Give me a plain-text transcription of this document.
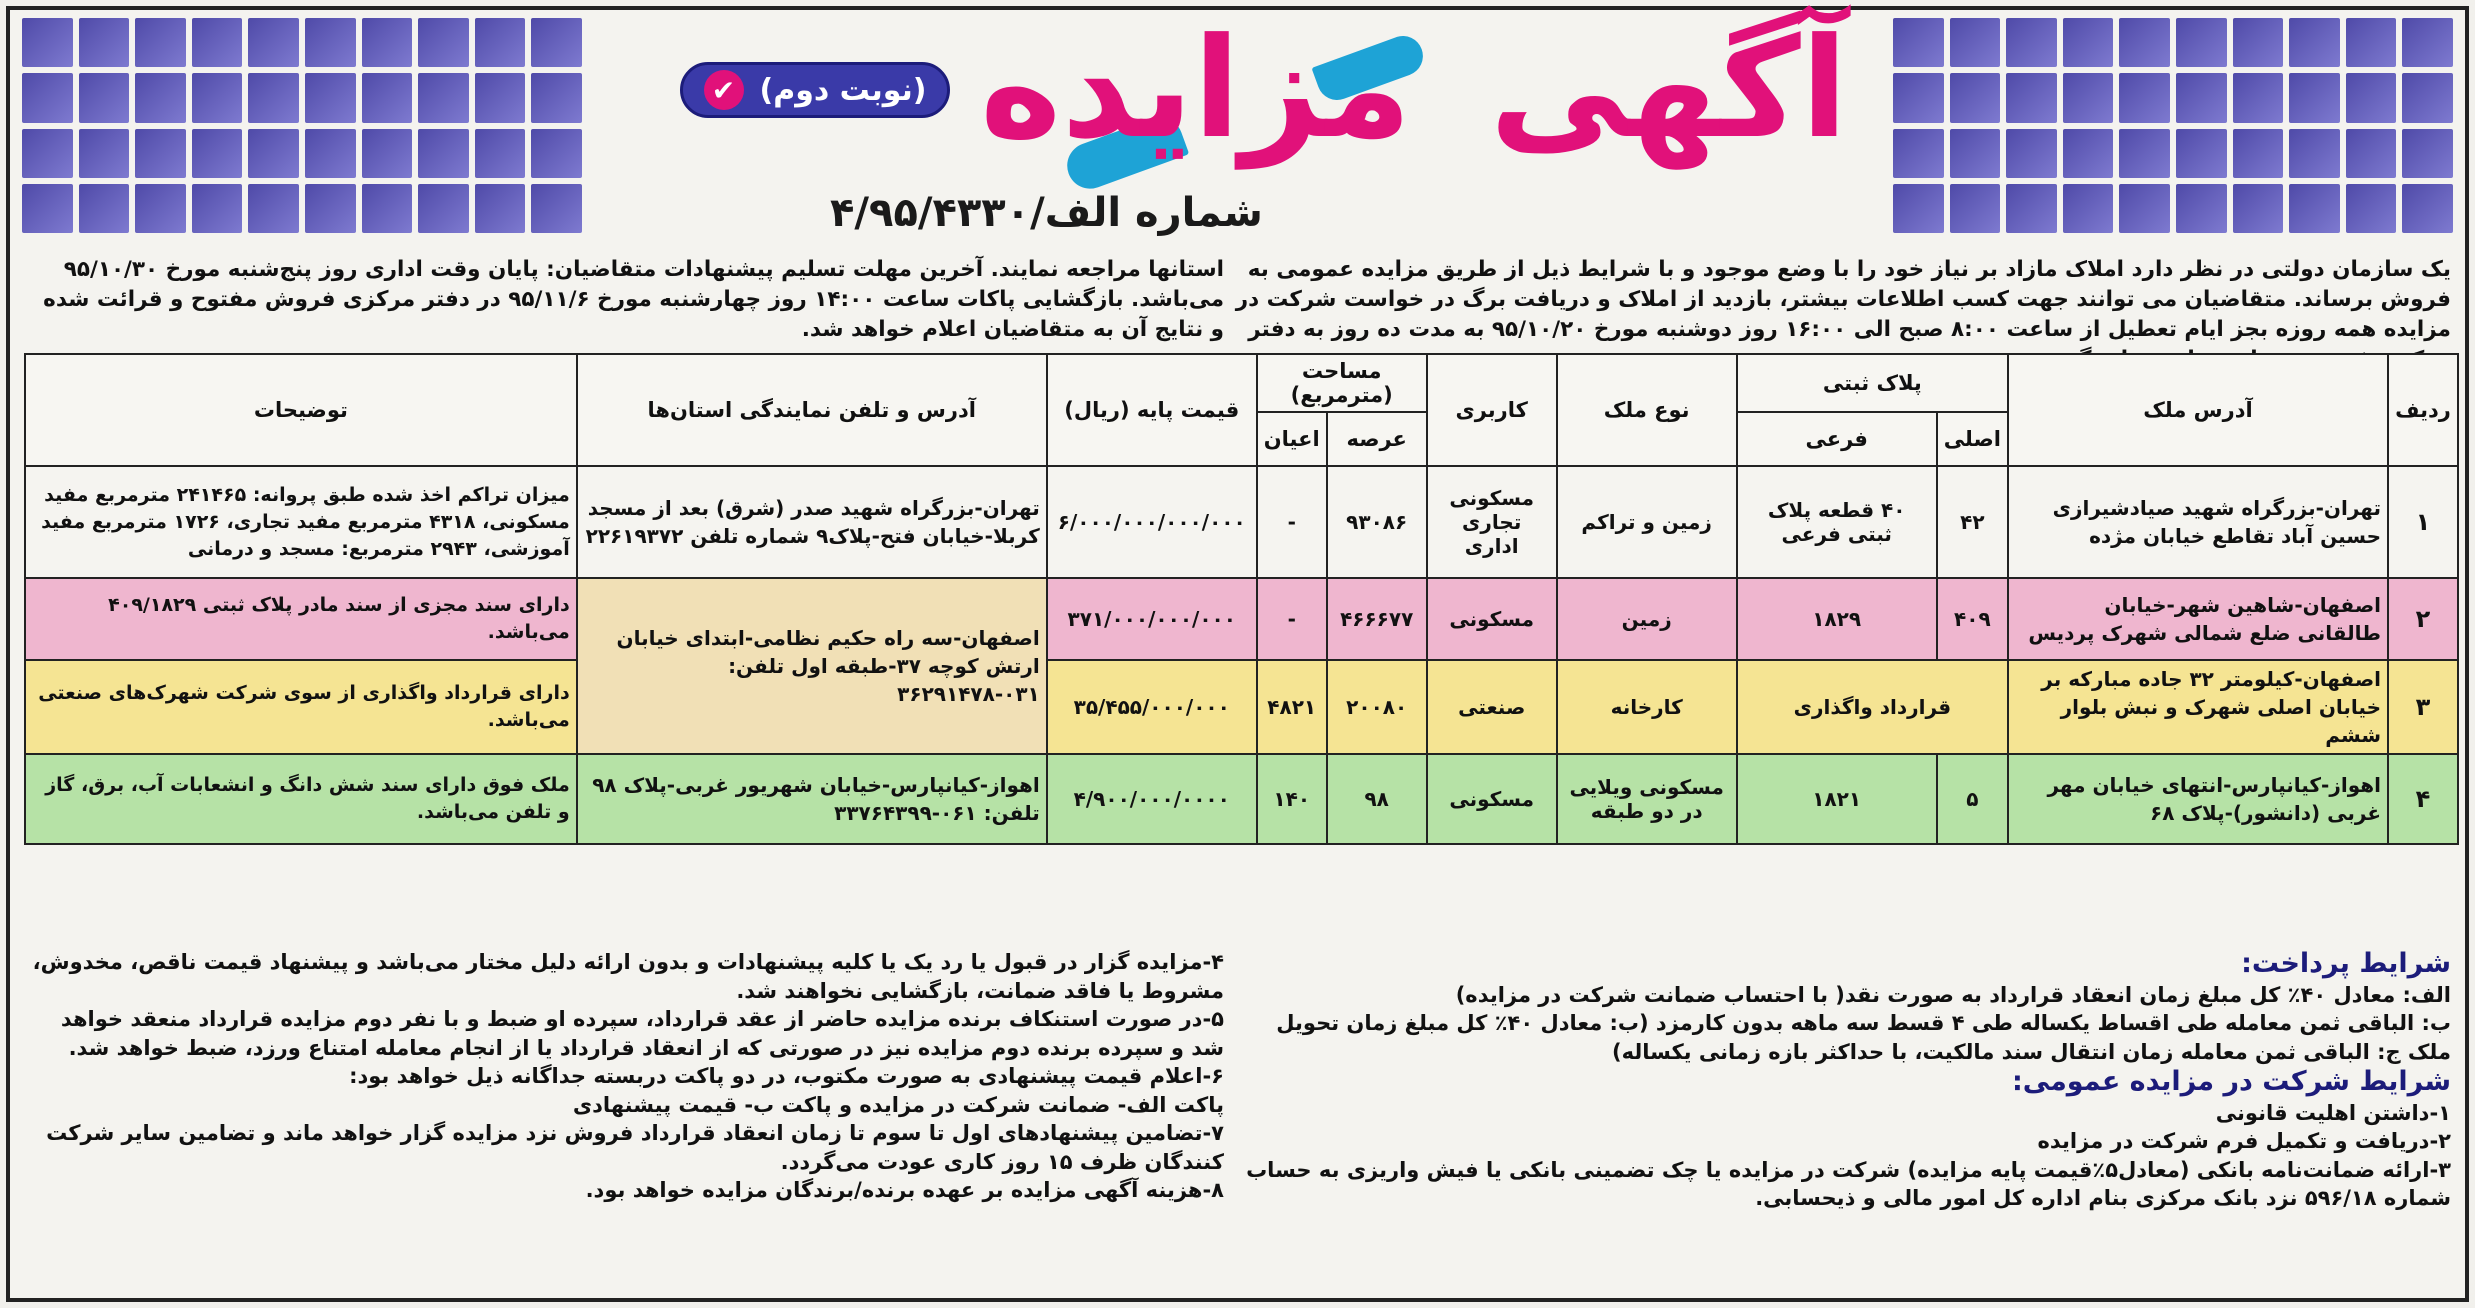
آگهی مزایده
(نوبت دوم)
✔
شماره الف/۴/۹۵/۴۳۳۰
یک سازمان دولتی در نظر دارد املاک مازاد بر نیاز خود را با وضع موجود و با شرایط ذیل از طریق مزایده عمومی به فروش برساند. متقاضیان می توانند جهت کسب اطلاعات بیشتر، بازدید از املاک و دریافت برگ در خواست شرکت در مزایده همه روزه بجز ایام تعطیل از ساعت ۸:۰۰ صبح الی ۱۶:۰۰ روز دوشنبه مورخ ۹۵/۱۰/۲۰ به مدت ده روز به دفتر
استانها مراجعه نمایند. آخرین مهلت تسلیم پیشنهادات متقاضیان: پایان وقت اداری روز پنج‌شنبه مورخ ۹۵/۱۰/۳۰ می‌باشد. بازگشایی پاکات ساعت ۱۴:۰۰ روز چهارشنبه مورخ ۹۵/۱۱/۶ در دفتر مرکزی فروش مفتوح و قرائت شده و نتایج آن به متقاضیان اعلام خواهد شد.
ردیف	آدرس ملک	پلاک ثبتی		نوع ملک	کاربری	مساحت (مترمربع)		قیمت پایه (ریال)	آدرس و تلفن نمایندگی استان‌ها	توضیحات
		اصلی	فرعی			عرصه	اعیان			
۱	تهران-بزرگراه شهید صیادشیرازی حسین آباد تقاطع خیابان مژده	۴۲	۴۰ قطعه پلاک ثبتی فرعی	زمین و تراکم	مسکونی تجاری اداری	۹۳۰۸۶	-	۶/۰۰۰/۰۰۰/۰۰۰/۰۰۰	تهران-بزرگراه شهید صدر (شرق) بعد از مسجد کربلا-خیابان فتح-پلاک۹ شماره تلفن ۲۲۶۱۹۳۷۲	میزان تراکم اخذ شده طبق پروانه: ۲۴۱۴۶۵ مترمربع مفید مسکونی، ۴۳۱۸ مترمربع مفید تجاری، ۱۷۲۶ مترمربع مفید آموزشی، ۲۹۴۳ مترمربع: مسجد و درمانی
۲	اصفهان-شاهین شهر-خیابان طالقانی ضلع شمالی شهرک پردیس	۴۰۹	۱۸۲۹	زمین	مسکونی	۴۶۶۶۷۷	-	۳۷۱/۰۰۰/۰۰۰/۰۰۰	اصفهان-سه راه حکیم نظامی-ابتدای خیابان ارتش کوچه ۳۷-طبقه اول تلفن: ۰۳۱-۳۶۲۹۱۴۷۸	دارای سند مجزی از سند مادر پلاک ثبتی ۴۰۹/۱۸۲۹ می‌باشد.
۳	اصفهان-کیلومتر ۳۲ جاده مبارکه بر خیابان اصلی شهرک و نبش بلوار ششم	قرارداد واگذاری		کارخانه	صنعتی	۲۰۰۸۰	۴۸۲۱	۳۵/۴۵۵/۰۰۰/۰۰۰		دارای قرارداد واگذاری از سوی شرکت شهرک‌های صنعتی می‌باشد.
۴	اهواز-کیانپارس-انتهای خیابان مهر غربی (دانشور)-پلاک ۶۸	۵	۱۸۲۱	مسکونی ویلایی در دو طبقه	مسکونی	۹۸	۱۴۰	۴/۹۰۰/۰۰۰/۰۰۰۰	اهواز-کیانپارس-خیابان شهریور غربی-پلاک ۹۸ تلفن: ۰۶۱-۳۳۷۶۴۳۹۹	ملک فوق دارای سند شش دانگ و انشعابات آب، برق، گاز و تلفن می‌باشد.
شرایط پرداخت:

الف: معادل ۴۰٪ کل مبلغ زمان انعقاد قرارداد به صورت نقد( با احتساب ضمانت شرکت در مزایده)

ب: الباقی ثمن معامله طی اقساط یکساله طی ۴ قسط سه ماهه بدون کارمزد (ب: معادل ۴۰٪ کل مبلغ زمان تحویل ملک ج: الباقی ثمن معامله زمان انتقال سند مالکیت، با حداکثر بازه زمانی یکساله)

شرایط شرکت در مزایده عمومی:

۱-داشتن اهلیت قانونی

۲-دریافت و تکمیل فرم شرکت در مزایده

۳-ارائه ضمانت‌نامه بانکی (معادل۵٪قیمت پایه مزایده) شرکت در مزایده یا چک تضمینی بانکی یا فیش واریزی به حساب شماره ۵۹۶/۱۸ نزد بانک مرکزی بنام اداره کل امور مالی و ذیحسابی.

۴-مزایده گزار در قبول یا رد یک یا کلیه پیشنهادات و بدون ارائه دلیل مختار می‌باشد و پیشنهاد قیمت ناقص، مخدوش، مشروط یا فاقد ضمانت، بازگشایی نخواهند شد.

۵-در صورت استنکاف برنده مزایده حاضر از عقد قرارداد، سپرده او ضبط و با نفر دوم مزایده قرارداد منعقد خواهد شد و سپرده برنده دوم مزایده نیز در صورتی که از انعقاد قرارداد یا از انجام معامله امتناع ورزد، ضبط خواهد شد.

۶-اعلام قیمت پیشنهادی به صورت مکتوب، در دو پاکت دربسته جداگانه ذیل خواهد بود:

پاکت الف- ضمانت شرکت در مزایده و پاکت ب- قیمت پیشنهادی

۷-تضامین پیشنهادهای اول تا سوم تا زمان انعقاد قرارداد فروش نزد مزایده گزار خواهد ماند و تضامین سایر شرکت کنندگان ظرف ۱۵ روز کاری عودت می‌گردد.

۸-هزینه آگهی مزایده بر عهده برنده/برندگان مزایده خواهد بود.
